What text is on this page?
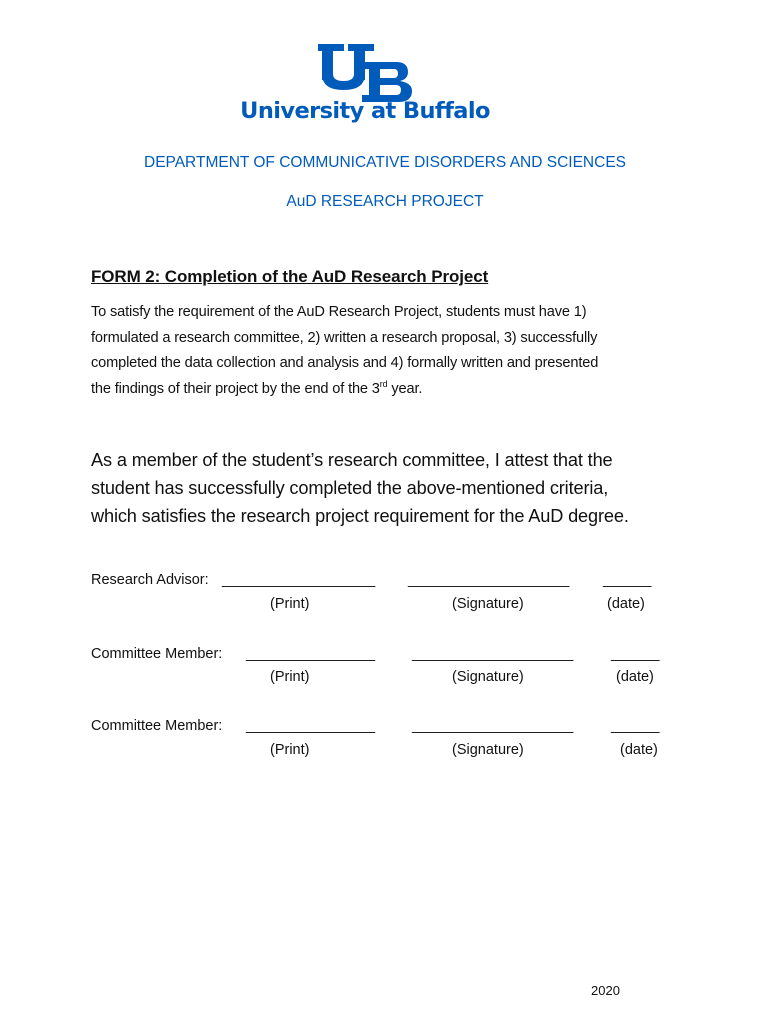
University at Buffalo
DEPARTMENT OF COMMUNICATIVE DISORDERS AND SCIENCES
AuD RESEARCH PROJECT
FORM 2: Completion of the AuD Research Project
To satisfy the requirement of the AuD Research Project, students must have 1)
formulated a research committee, 2) written a research proposal, 3) successfully
completed the data collection and analysis and 4) formally written and presented
the findings of their project by the end of the 3rd year.
As a member of the student’s research committee, I attest that the
student has successfully completed the above-mentioned criteria,
which satisfies the research project requirement for the AuD degree.
Research Advisor: ___________________ ____________________ ______
(Print)	(Signature)	(date)
Committee Member: ________________	____________________	______
(Print)	(Signature)	(date)
Committee Member: ________________	____________________	______
(Print)	(Signature)	(date)
2020
